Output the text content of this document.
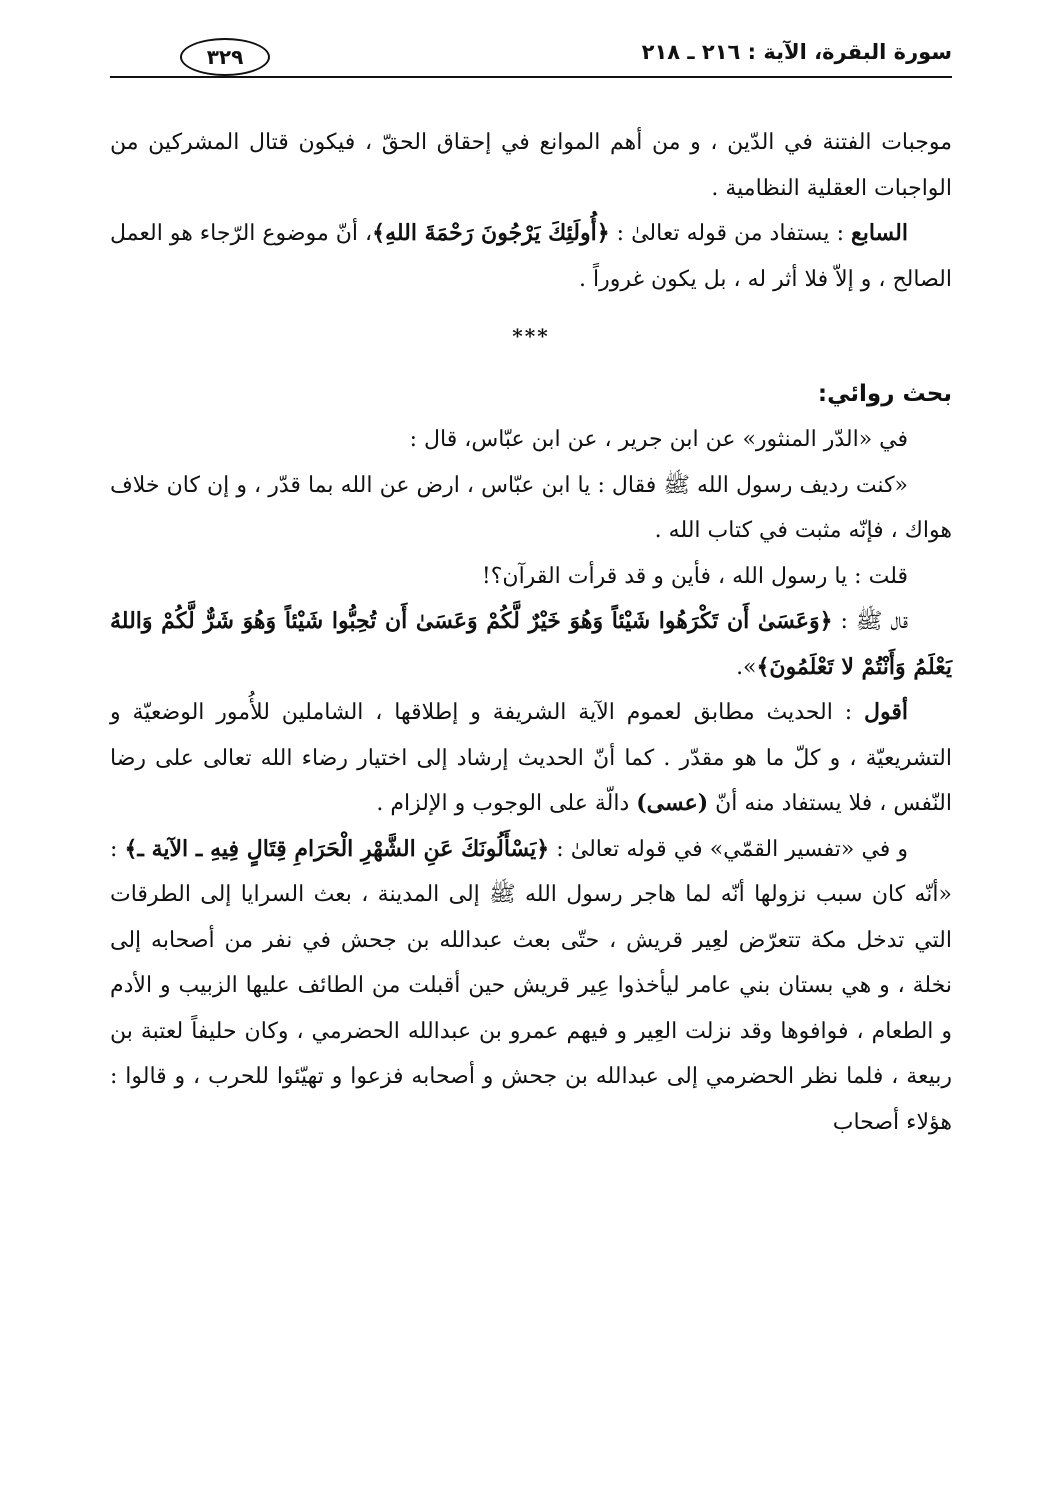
سورة البقرة، الآية : ٢١٦ ـ ٢١٨
٣٢٩

موجبات الفتنة في الدّين ، و من أهم الموانع في إحقاق الحقّ ، فيكون قتال المشركين من الواجبات العقلية النظامية .

السابع : يستفاد من قوله تعالىٰ : ﴿أُولَئِكَ يَرْجُونَ رَحْمَةَ اللهِ﴾، أنّ موضوع الرّجاء هو العمل الصالح ، و إلاّ فلا أثر له ، بل يكون غروراً .

***

بحث روائي:

في «الدّر المنثور» عن ابن جرير ، عن ابن عبّاس، قال :

«كنت رديف رسول الله ﷺ فقال : يا ابن عبّاس ، ارض عن الله بما قدّر ، و إن كان خلاف هواك ، فإنّه مثبت في كتاب الله .

قلت : يا رسول الله ، فأين و قد قرأت القرآن؟!

قال ﷺ : ﴿وَعَسَىٰ أَن تَكْرَهُوا شَيْئاً وَهُوَ خَيْرٌ لَّكُمْ وَعَسَىٰ أَن تُحِبُّوا شَيْئاً وَهُوَ شَرٌّ لَّكُمْ وَاللهُ يَعْلَمُ وَأَنْتُمْ لا تَعْلَمُونَ﴾».

أقول : الحديث مطابق لعموم الآية الشريفة و إطلاقها ، الشاملين للأُمور الوضعيّة و التشريعيّة ، و كلّ ما هو مقدّر . كما أنّ الحديث إرشاد إلى اختيار رضاء الله تعالى على رضا النّفس ، فلا يستفاد منه أنّ (عسى) دالّة على الوجوب و الإلزام .

و في «تفسير القمّي» في قوله تعالىٰ : ﴿يَسْأَلُونَكَ عَنِ الشَّهْرِ الْحَرَامِ قِتَالٍ فِيهِ ـ الآية ـ﴾ : «أنّه كان سبب نزولها أنّه لما هاجر رسول الله ﷺ إلى المدينة ، بعث السرايا إلى الطرقات التي تدخل مكة تتعرّض لعِير قريش ، حتّى بعث عبدالله بن جحش في نفر من أصحابه إلى نخلة ، و هي بستان بني عامر ليأخذوا عِير قريش حين أقبلت من الطائف عليها الزبيب و الأدم و الطعام ، فوافوها وقد نزلت العِير و فيهم عمرو بن عبدالله الحضرمي ، وكان حليفاً لعتبة بن ربيعة ، فلما نظر الحضرمي إلى عبدالله بن جحش و أصحابه فزعوا و تهيّئوا للحرب ، و قالوا : هؤلاء أصحاب
